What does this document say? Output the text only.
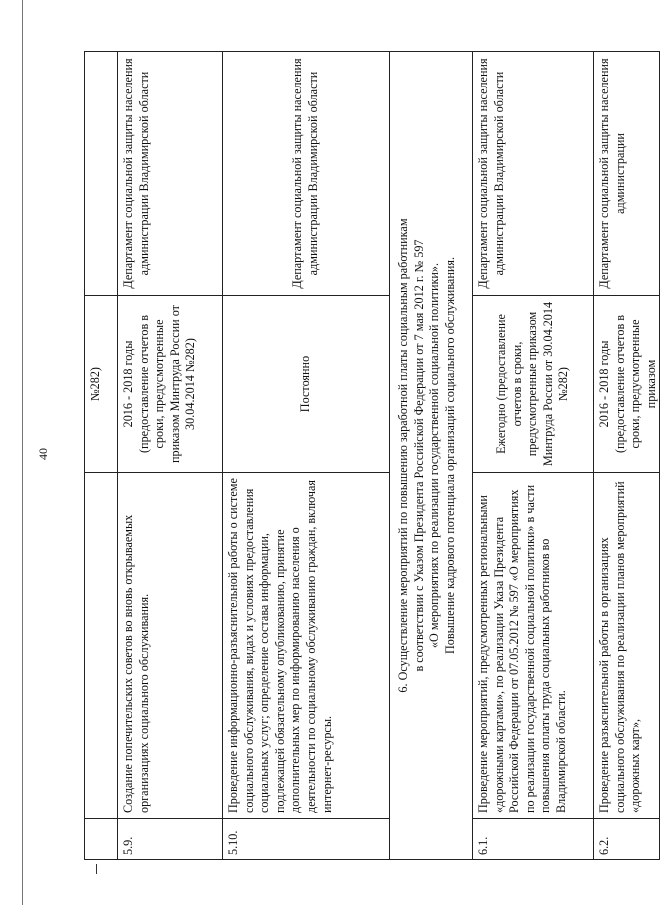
40
		№282)	
5.9.	Создание попечительских советов во вновь открываемых организациях социального обслуживания.	2016 - 2018 годы (предоставление отчетов в сроки, предусмотренные приказом Минтруда России от 30.04.2014 №282)	Департамент социальной защиты населения администрации Владимирской области
5.10.	Проведение информационно-разъяснительной работы о системе социального обслуживания, видах и условиях предоставления социальных услуг; определение состава информации, подлежащей обязательному опубликованию, принятие дополнительных мер по информированию населения о деятельности по социальному обслуживанию граждан, включая интернет-ресурсы.	Постоянно	Департамент социальной защиты населения администрации Владимирской области

6. Осуществление мероприятий по повышению заработной платы социальным работникам в соответствии с Указом Президента Российской Федерации от 7 мая 2012 г. № 597 «О мероприятиях по реализации государственной социальной политики». Повышение кадрового потенциала организаций социального обслуживания.			

6.1.	Проведение мероприятий, предусмотренных региональными «дорожными картами», по реализации Указа Президента Российской Федерации от 07.05.2012 № 597 «О мероприятиях по реализации государственной социальной политики» в части повышения оплаты труда социальных работников во Владимирской области.	Ежегодно (предоставление отчетов в сроки, предусмотренные приказом Минтруда России от 30.04.2014 №282)	Департамент социальной защиты населения администрации Владимирской области
6.2.	Проведение разъяснительной работы в организациях социального обслуживания по реализации планов мероприятий «дорожных карт»,	2016 - 2018 годы (предоставление отчетов в сроки, предусмотренные приказом	Департамент социальной защиты населения администрации
